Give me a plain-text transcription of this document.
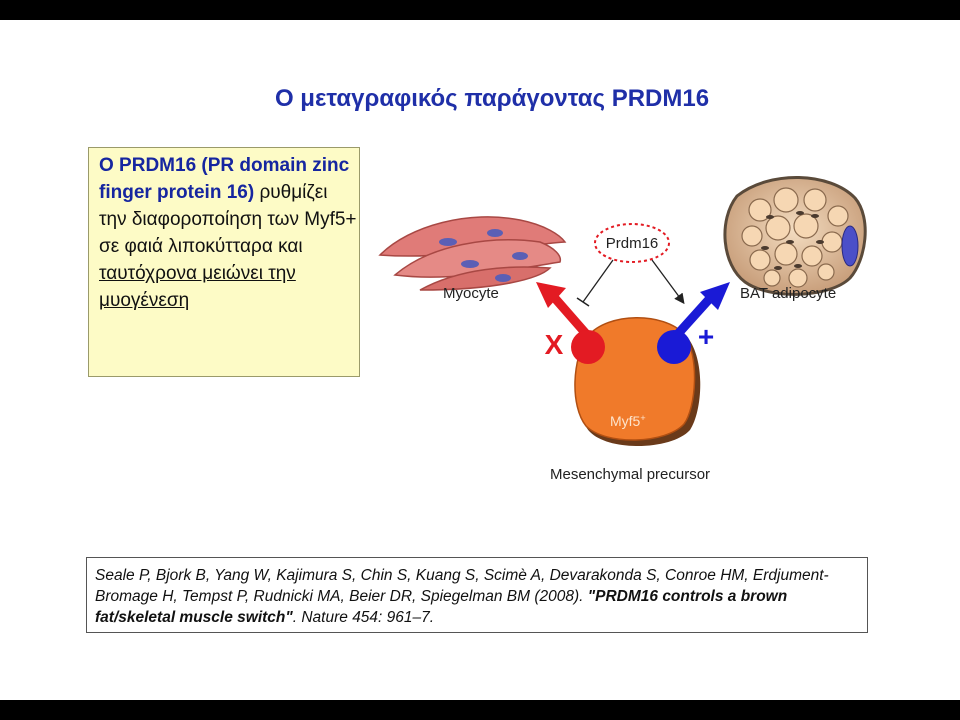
Ο μεταγραφικός παράγοντας PRDM16
Ο PRDM16 (PR domain zinc finger protein 16) ρυθμίζει την διαφοροποίηση των Myf5+ σε φαιά λιποκύτταρα και ταυτόχρονα μειώνει την μυογένεση	Myocyte	BAT adipocyte
Prdm16
Myf5+
Mesenchymal precursor
X	+
Seale P, Bjork B, Yang W, Kajimura S, Chin S, Kuang S, Scimè A, Devarakonda S, Conroe HM, Erdjument-Bromage H, Tempst P, Rudnicki MA, Beier DR, Spiegelman BM (2008). "PRDM16 controls a brown fat/skeletal muscle switch". Nature 454: 961–7.
